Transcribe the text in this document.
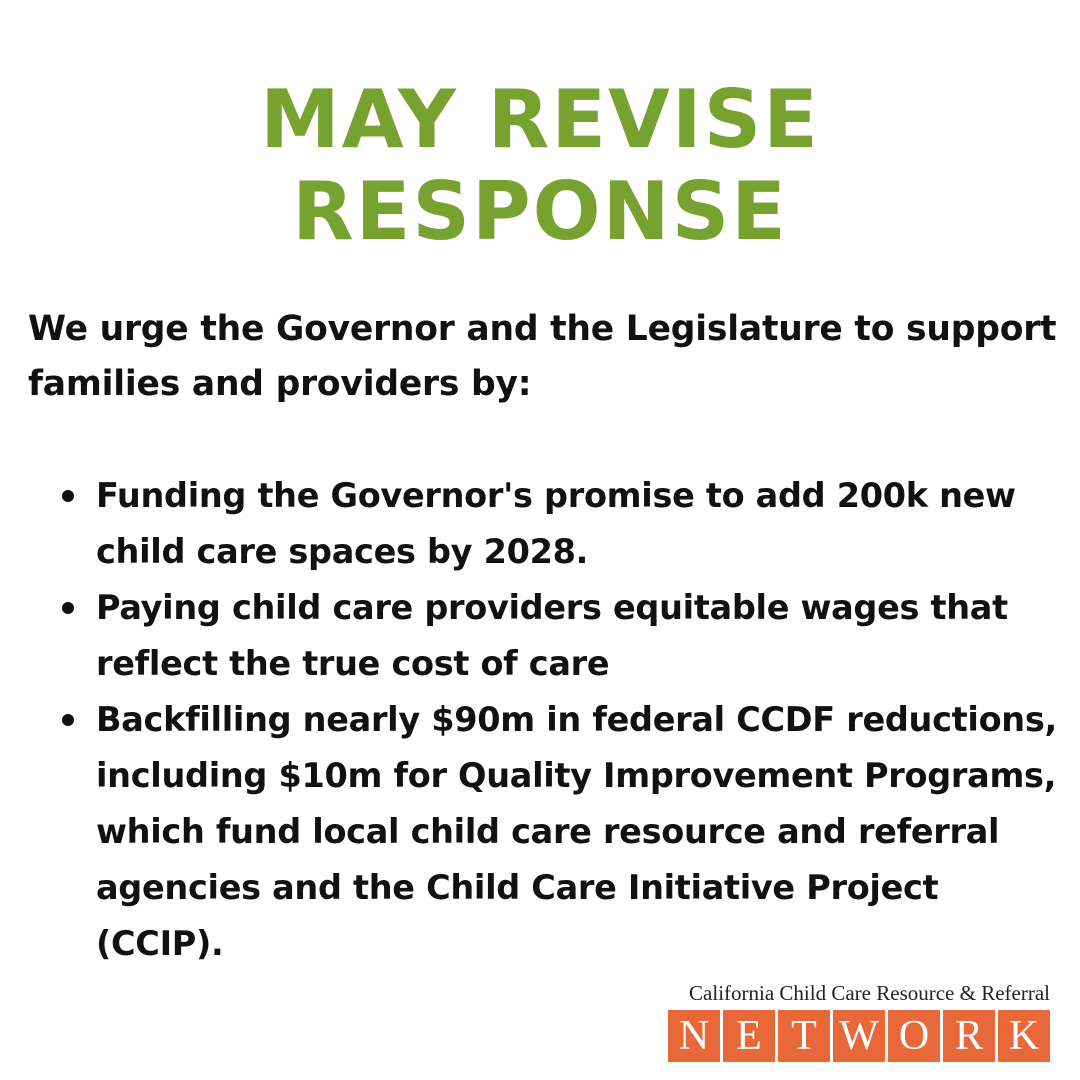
MAY REVISE
RESPONSE

We urge the Governor and the Legislature to support families and providers by:

Funding the Governor's promise to add 200k new child care spaces by 2028.
Paying child care providers equitable wages that reflect the true cost of care
Backfilling nearly $90m in federal CCDF reductions, including $10m for Quality Improvement Programs, which fund local child care resource and referral agencies and the Child Care Initiative Project (CCIP).
California Child Care Resource & Referral
N E T W O R K
